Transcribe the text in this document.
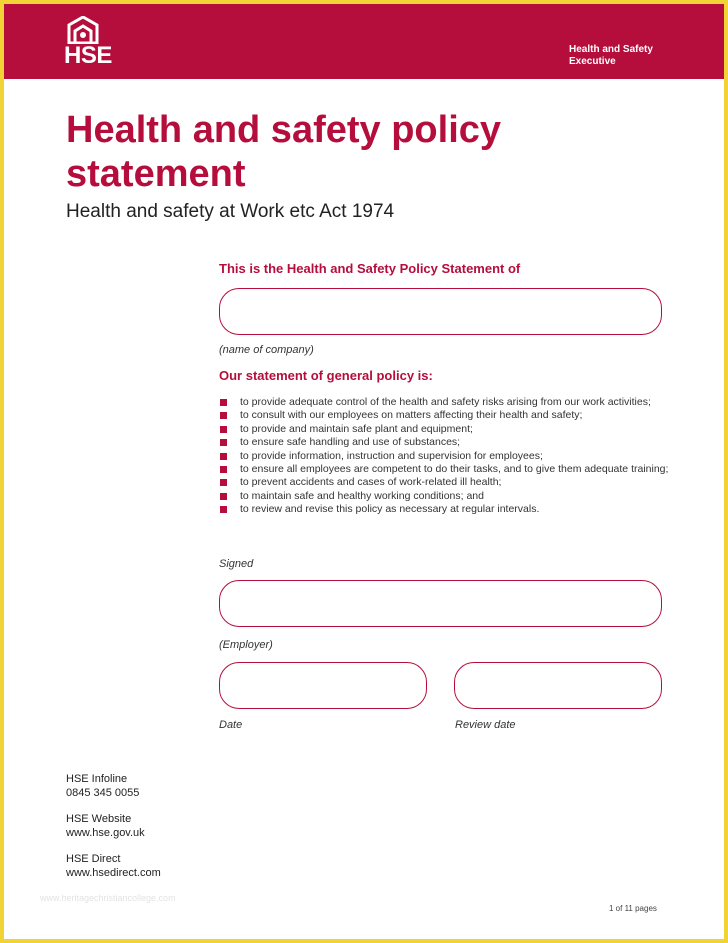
HSE	Health and Safety
Executive
Health and safety policy
statement
Health and safety at Work etc Act 1974
This is the Health and Safety Policy Statement of
(name of company)
Our statement of general policy is:
to provide adequate control of the health and safety risks arising from our work activities;
to consult with our employees on matters affecting their health and safety;
to provide and maintain safe plant and equipment;
to ensure safe handling and use of substances;
to provide information, instruction and supervision for employees;
to ensure all employees are competent to do their tasks, and to give them adequate training;
to prevent accidents and cases of work-related ill health;
to maintain safe and healthy working conditions; and
to review and revise this policy as necessary at regular intervals.
Signed
(Employer)
Date	Review date
HSE Infoline
0845 345 0055
HSE Website
www.hse.gov.uk
HSE Direct
www.hsedirect.com
www.heritagechristiancollege.com
1 of 11 pages
